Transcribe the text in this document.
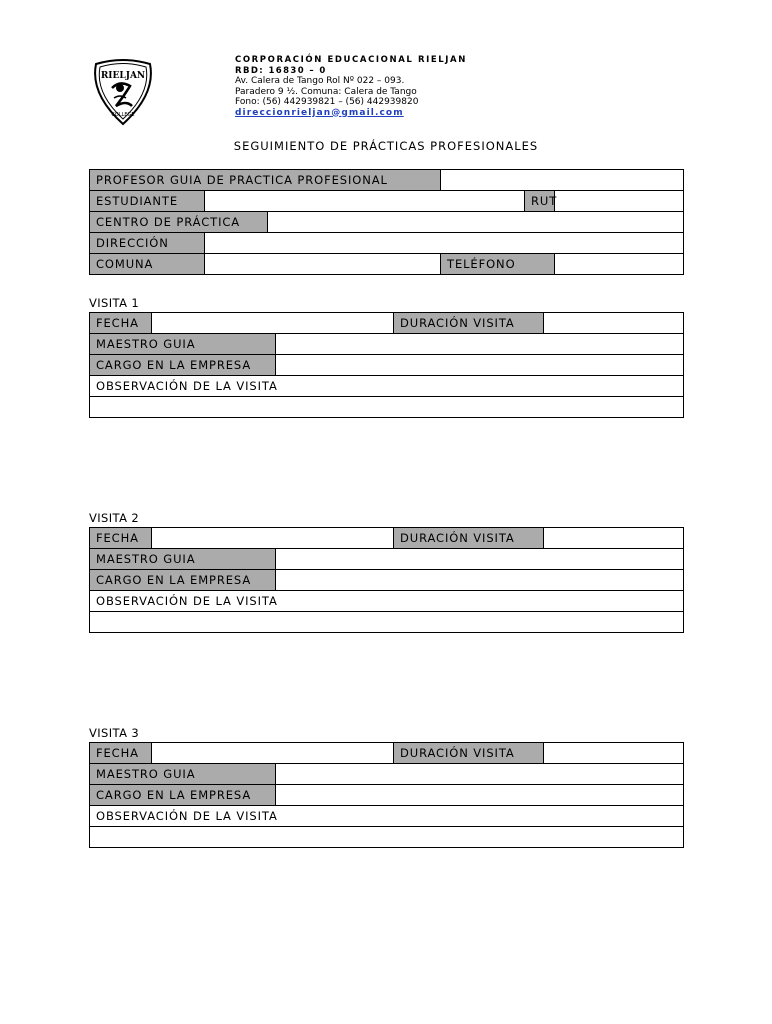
RIELJAN
COLLEGE
CORPORACIÓN EDUCACIONAL RIELJAN
RBD: 16830 – 0
Av. Calera de Tango Rol Nº 022 – 093.
Paradero 9 ½. Comuna: Calera de Tango
Fono: (56) 442939821 – (56) 442939820
direccionrieljan@gmail.com
SEGUIMIENTO DE PRÁCTICAS PROFESIONALES
PROFESOR GUIA DE PRACTICA PROFESIONAL					
ESTUDIANTE				RUT	
CENTRO DE PRÁCTICA					
DIRECCIÓN					
COMUNA			TELÉFONO		
VISITA 1
FECHA			DURACIÓN VISITA	
MAESTRO GUIA				
CARGO EN LA EMPRESA				
OBSERVACIÓN DE LA VISITA				

VISITA 2
FECHA			DURACIÓN VISITA	
MAESTRO GUIA				
CARGO EN LA EMPRESA				
OBSERVACIÓN DE LA VISITA				

VISITA 3
FECHA			DURACIÓN VISITA	
MAESTRO GUIA				
CARGO EN LA EMPRESA				
OBSERVACIÓN DE LA VISITA				
